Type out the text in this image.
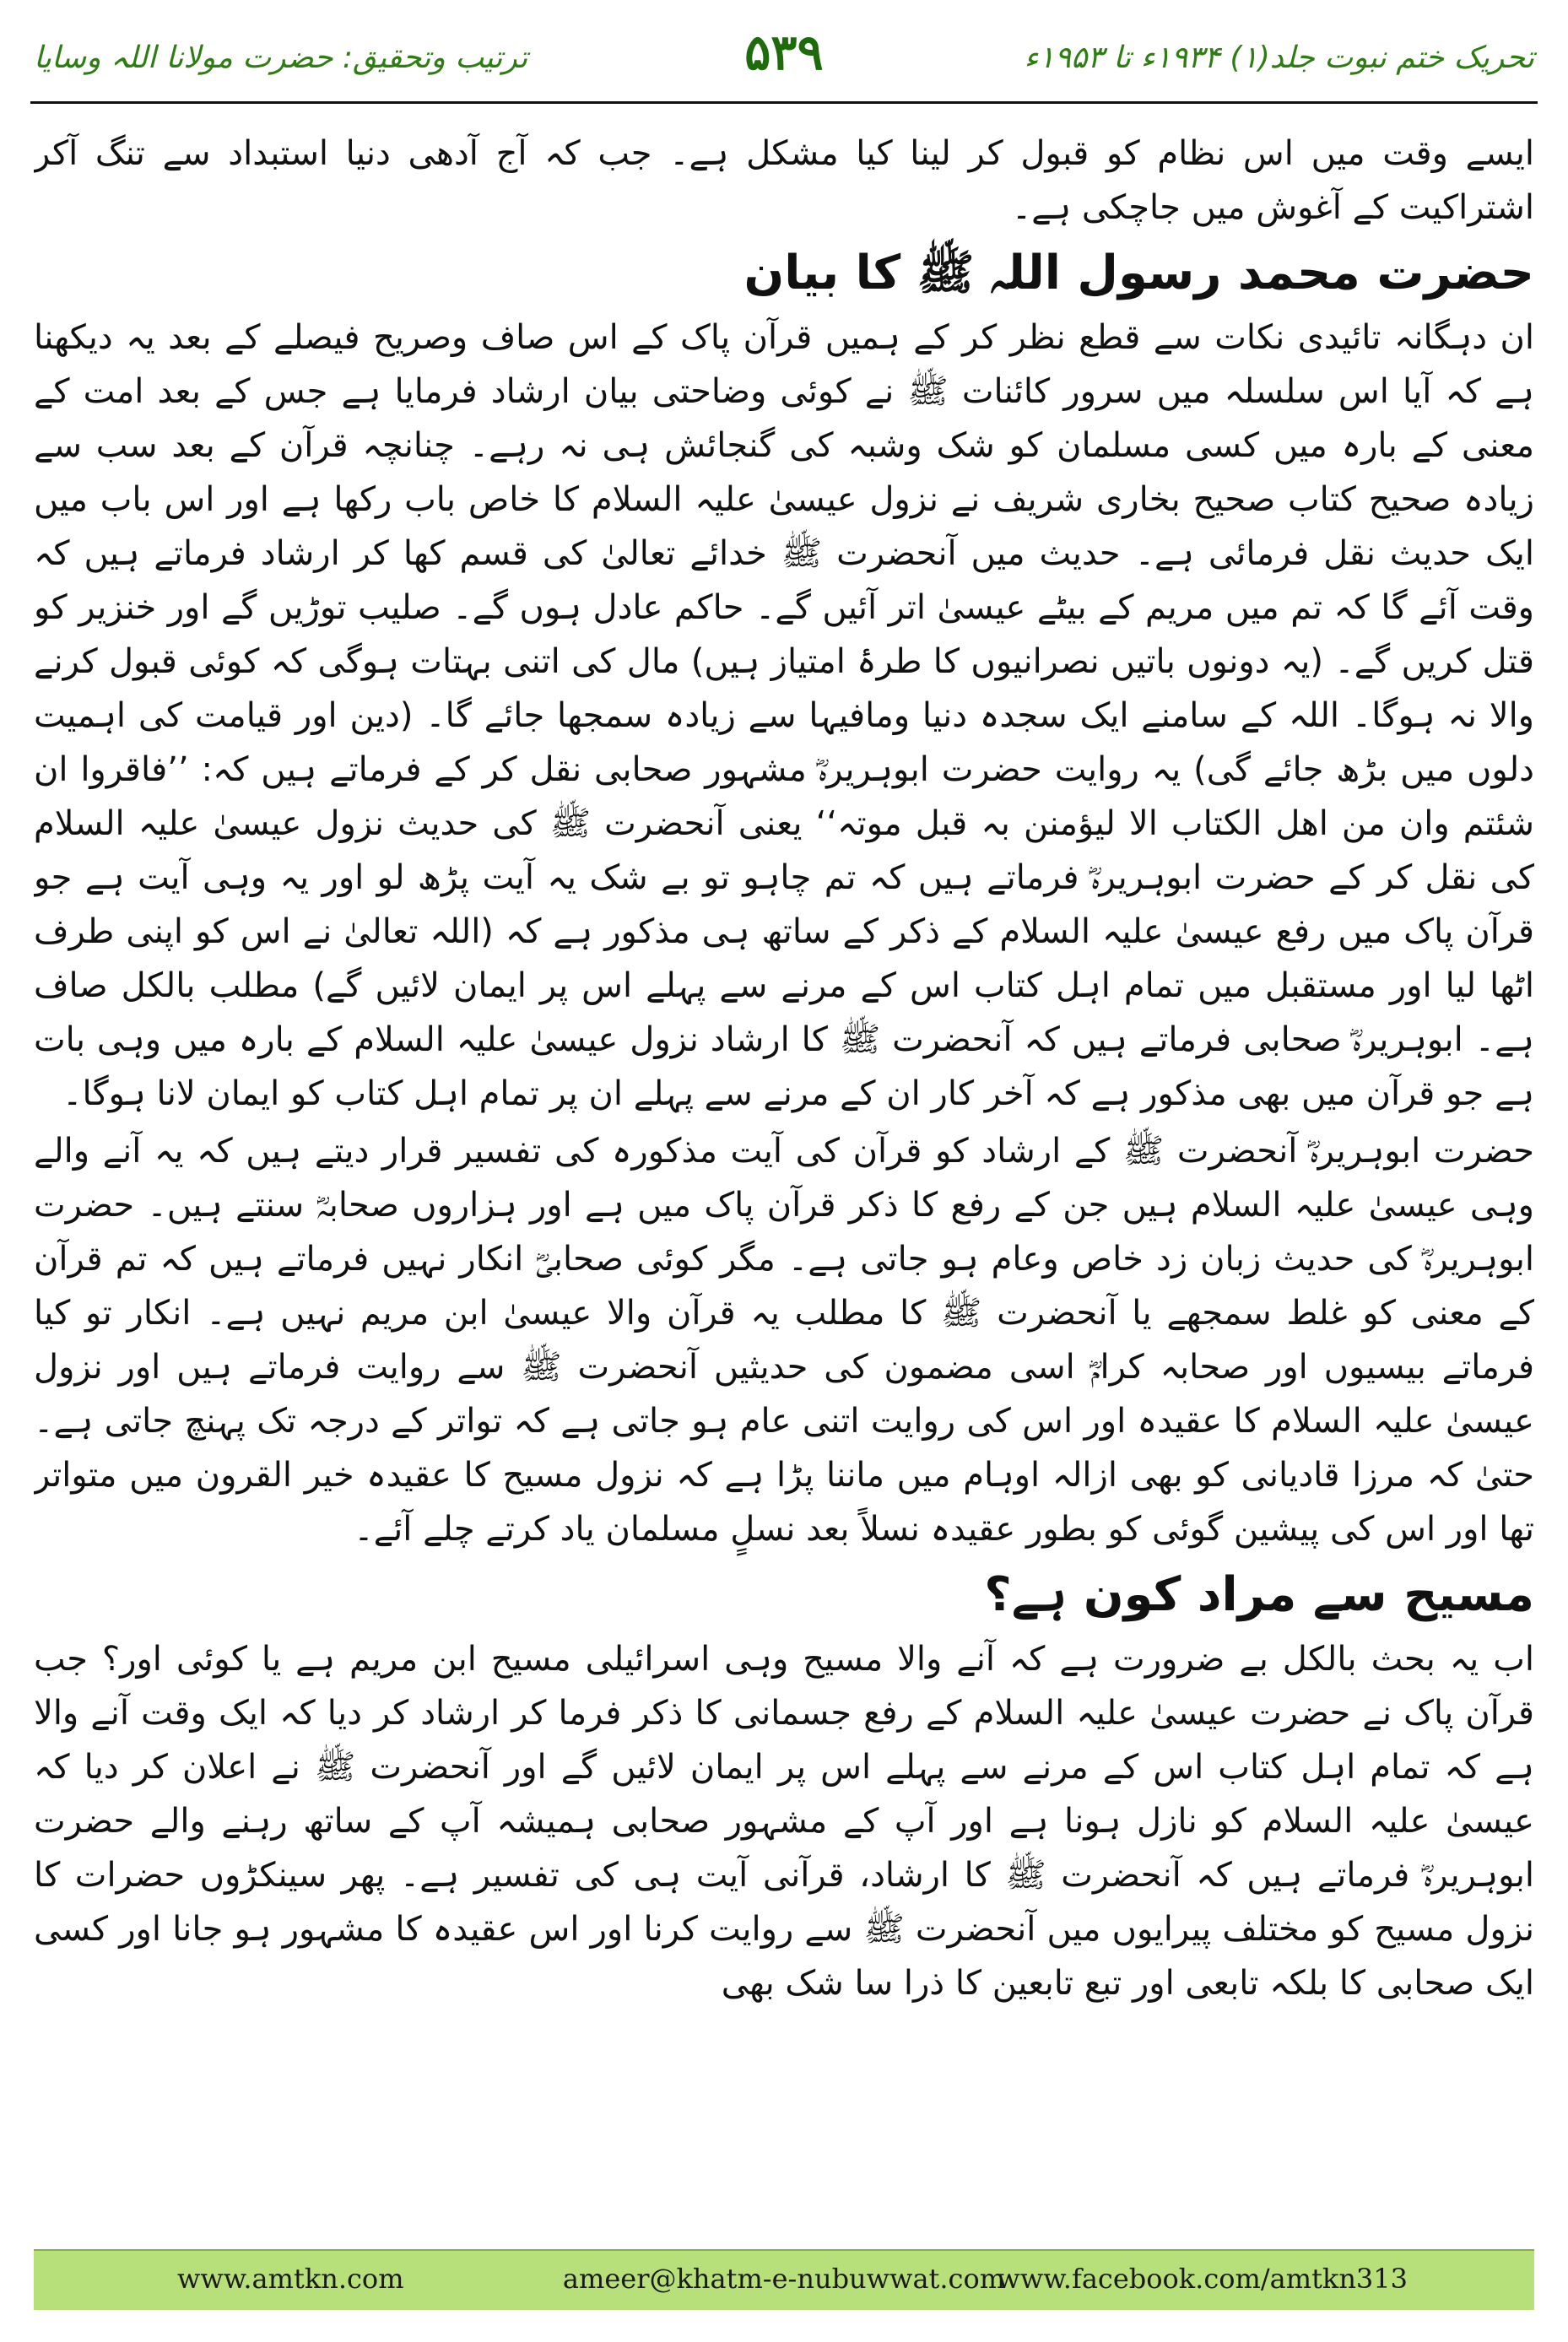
تحریک ختم نبوت جلد(۱) ۱۹۳۴ء تا ۱۹۵۳ء
۵۳۹
ترتیب وتحقیق: حضرت مولانا اللہ وسایا

ایسے وقت میں اس نظام کو قبول کر لینا کیا مشکل ہے۔ جب کہ آج آدھی دنیا استبداد سے تنگ آکر اشتراکیت کے آغوش میں جاچکی ہے۔

حضرت محمد رسول اللہ ﷺ کا بیان

ان دہگانہ تائیدی نکات سے قطع نظر کر کے ہمیں قرآن پاک کے اس صاف وصریح فیصلے کے بعد یہ دیکھنا ہے کہ آیا اس سلسلہ میں سرور کائنات ﷺ نے کوئی وضاحتی بیان ارشاد فرمایا ہے جس کے بعد امت کے معنی کے بارہ میں کسی مسلمان کو شک وشبہ کی گنجائش ہی نہ رہے۔ چنانچہ قرآن کے بعد سب سے زیادہ صحیح کتاب صحیح بخاری شریف نے نزول عیسیٰ علیہ السلام کا خاص باب رکھا ہے اور اس باب میں ایک حدیث نقل فرمائی ہے۔ حدیث میں آنحضرت ﷺ خدائے تعالیٰ کی قسم کھا کر ارشاد فرماتے ہیں کہ وقت آئے گا کہ تم میں مریم کے بیٹے عیسیٰ اتر آئیں گے۔ حاکم عادل ہوں گے۔ صلیب توڑیں گے اور خنزیر کو قتل کریں گے۔ (یہ دونوں باتیں نصرانیوں کا طرۂ امتیاز ہیں) مال کی اتنی بہتات ہوگی کہ کوئی قبول کرنے والا نہ ہوگا۔ اللہ کے سامنے ایک سجدہ دنیا ومافیہا سے زیادہ سمجھا جائے گا۔ (دین اور قیامت کی اہمیت دلوں میں بڑھ جائے گی) یہ روایت حضرت ابوہریرہؓ مشہور صحابی نقل کر کے فرماتے ہیں کہ: ’’فاقروا ان شئتم وان من اھل الکتاب الا لیؤمنن بہ قبل موتہ‘‘ یعنی آنحضرت ﷺ کی حدیث نزول عیسیٰ علیہ السلام کی نقل کر کے حضرت ابوہریرہؓ فرماتے ہیں کہ تم چاہو تو بے شک یہ آیت پڑھ لو اور یہ وہی آیت ہے جو قرآن پاک میں رفع عیسیٰ علیہ السلام کے ذکر کے ساتھ ہی مذکور ہے کہ (اللہ تعالیٰ نے اس کو اپنی طرف اٹھا لیا اور مستقبل میں تمام اہل کتاب اس کے مرنے سے پہلے اس پر ایمان لائیں گے) مطلب بالکل صاف ہے۔ ابوہریرہؓ صحابی فرماتے ہیں کہ آنحضرت ﷺ کا ارشاد نزول عیسیٰ علیہ السلام کے بارہ میں وہی بات ہے جو قرآن میں بھی مذکور ہے کہ آخر کار ان کے مرنے سے پہلے ان پر تمام اہل کتاب کو ایمان لانا ہوگا۔

حضرت ابوہریرہؓ آنحضرت ﷺ کے ارشاد کو قرآن کی آیت مذکورہ کی تفسیر قرار دیتے ہیں کہ یہ آنے والے وہی عیسیٰ علیہ السلام ہیں جن کے رفع کا ذکر قرآن پاک میں ہے اور ہزاروں صحابہؓ سنتے ہیں۔ حضرت ابوہریرہؓ کی حدیث زبان زد خاص وعام ہو جاتی ہے۔ مگر کوئی صحابیؓ انکار نہیں فرماتے ہیں کہ تم قرآن کے معنی کو غلط سمجھے یا آنحضرت ﷺ کا مطلب یہ قرآن والا عیسیٰ ابن مریم نہیں ہے۔ انکار تو کیا فرماتے بیسیوں اور صحابہ کرامؓ اسی مضمون کی حدیثیں آنحضرت ﷺ سے روایت فرماتے ہیں اور نزول عیسیٰ علیہ السلام کا عقیدہ اور اس کی روایت اتنی عام ہو جاتی ہے کہ تواتر کے درجہ تک پہنچ جاتی ہے۔ حتیٰ کہ مرزا قادیانی کو بھی ازالہ اوہام میں ماننا پڑا ہے کہ نزول مسیح کا عقیدہ خیر القرون میں متواتر تھا اور اس کی پیشین گوئی کو بطور عقیدہ نسلاً بعد نسلٍ مسلمان یاد کرتے چلے آئے۔

مسیح سے مراد کون ہے؟

اب یہ بحث بالکل بے ضرورت ہے کہ آنے والا مسیح وہی اسرائیلی مسیح ابن مریم ہے یا کوئی اور؟ جب قرآن پاک نے حضرت عیسیٰ علیہ السلام کے رفع جسمانی کا ذکر فرما کر ارشاد کر دیا کہ ایک وقت آنے والا ہے کہ تمام اہل کتاب اس کے مرنے سے پہلے اس پر ایمان لائیں گے اور آنحضرت ﷺ نے اعلان کر دیا کہ عیسیٰ علیہ السلام کو نازل ہونا ہے اور آپ کے مشہور صحابی ہمیشہ آپ کے ساتھ رہنے والے حضرت ابوہریرہؓ فرماتے ہیں کہ آنحضرت ﷺ کا ارشاد، قرآنی آیت ہی کی تفسیر ہے۔ پھر سینکڑوں حضرات کا نزول مسیح کو مختلف پیرایوں میں آنحضرت ﷺ سے روایت کرنا اور اس عقیدہ کا مشہور ہو جانا اور کسی ایک صحابی کا بلکہ تابعی اور تبع تابعین کا ذرا سا شک بھی

www.amtkn.com	ameer@khatm-e-nubuwwat.com
www.facebook.com/amtkn313
